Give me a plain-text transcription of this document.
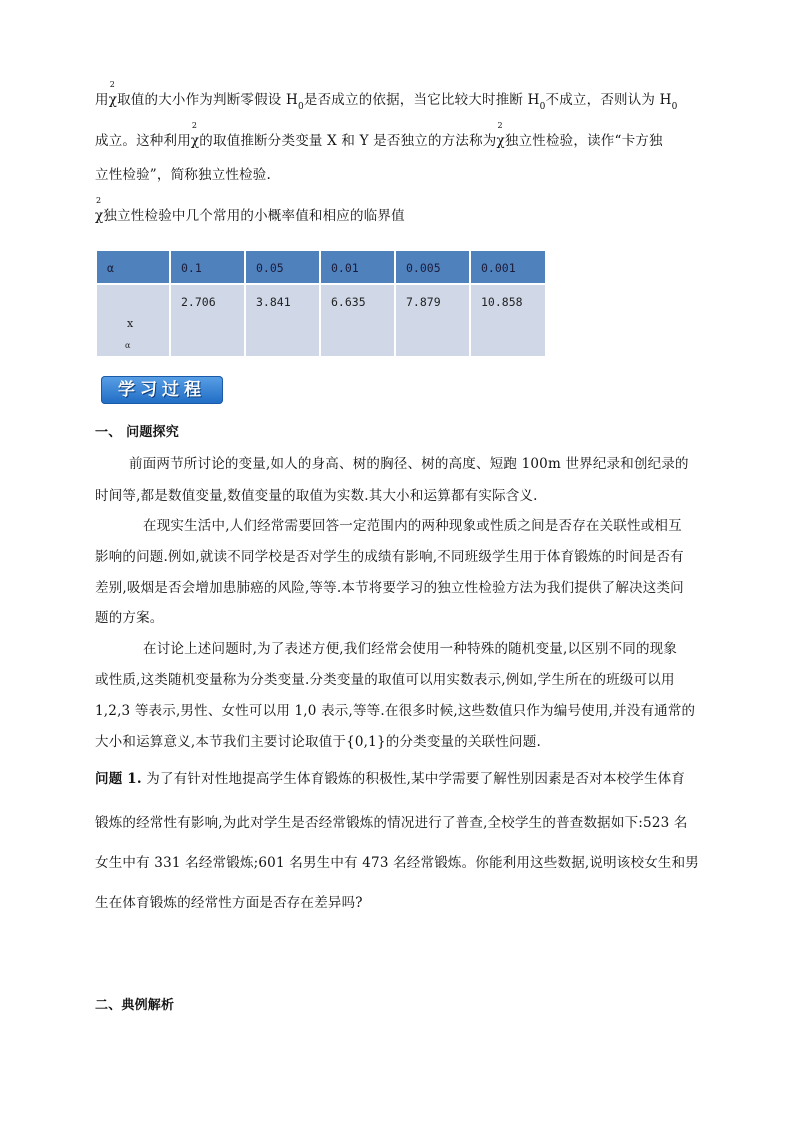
用χ
2
取值的大小作为判断零假设 $H_0$是否成立的依据，当它比较大时推断 $H_0$不成立，否则认为 $H_0$
成立。这种利用χ
2
的取值推断分类变量 X 和 Y 是否独立的方法称为χ
2
独立性检验，读作“卡方独
立性检验”，简称独立性检验.
χ
2
独立性检验中几个常用的小概率值和相应的临界值
α	0.1	0.05	0.01	0.005	0.001
x
$_\alpha$	2.706	3.841	6.635	7.879	10.858
学习过程
一、 问题探究
前面两节所讨论的变量,如人的身高、树的胸径、树的高度、短跑 100m 世界纪录和创纪录的
时间等,都是数值变量,数值变量的取值为实数.其大小和运算都有实际含义.
在现实生活中,人们经常需要回答一定范围内的两种现象或性质之间是否存在关联性或相互
影响的问题.例如,就读不同学校是否对学生的成绩有影响,不同班级学生用于体育锻炼的时间是否有
差别,吸烟是否会增加患肺癌的风险,等等.本节将要学习的独立性检验方法为我们提供了解决这类问
题的方案。
在讨论上述问题时,为了表述方便,我们经常会使用一种特殊的随机变量,以区别不同的现象
或性质,这类随机变量称为分类变量.分类变量的取值可以用实数表示,例如,学生所在的班级可以用
1,2,3 等表示,男性、女性可以用 1,0 表示,等等.在很多时候,这些数值只作为编号使用,并没有通常的
大小和运算意义,本节我们主要讨论取值于{0,1}的分类变量的关联性问题.
问题 1. 为了有针对性地提高学生体育锻炼的积极性,某中学需要了解性别因素是否对本校学生体育
锻炼的经常性有影响,为此对学生是否经常锻炼的情况进行了普查,全校学生的普查数据如下:523 名
女生中有 331 名经常锻炼;601 名男生中有 473 名经常锻炼。你能利用这些数据,说明该校女生和男
生在体育锻炼的经常性方面是否存在差异吗?
二、典例解析
